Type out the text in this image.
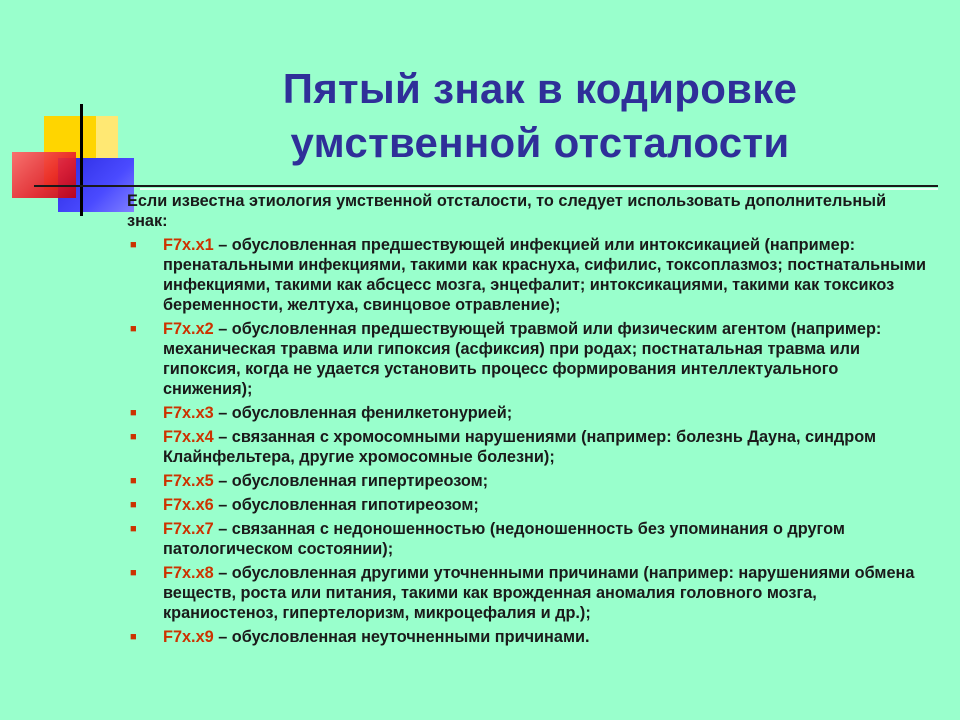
Пятый знак в кодировке
умственной отсталости
Если известна этиология умственной отсталости, то следует использовать дополнительный знак:
■ F7x.x1 – обусловленная предшествующей инфекцией или интоксикацией (например: пренатальными инфекциями, такими как краснуха, сифилис, токсоплазмоз; постнатальными инфекциями, такими как абсцесс мозга, энцефалит; интоксикациями, такими как токсикоз беременности, желтуха, свинцовое отравление);
■ F7x.x2 – обусловленная предшествующей травмой или физическим агентом (например: механическая травма или гипоксия (асфиксия) при родах; постнатальная травма или гипоксия, когда не удается установить процесс формирования интеллектуального снижения);
■ F7x.x3 – обусловленная фенилкетонурией;
■ F7x.x4 – связанная с хромосомными нарушениями (например: болезнь Дауна, синдром Клайнфельтера, другие хромосомные болезни);
■ F7x.x5 – обусловленная гипертиреозом;
■ F7x.x6 – обусловленная гипотиреозом;
■ F7x.x7 – связанная с недоношенностью (недоношенность без упоминания о другом патологическом состоянии);
■ F7x.x8 – обусловленная другими уточненными причинами (например: нарушениями обмена веществ, роста или питания, такими как врожденная аномалия головного мозга, краниостеноз, гипертелоризм, микроцефалия и др.);
■ F7x.x9 – обусловленная неуточненными причинами.
